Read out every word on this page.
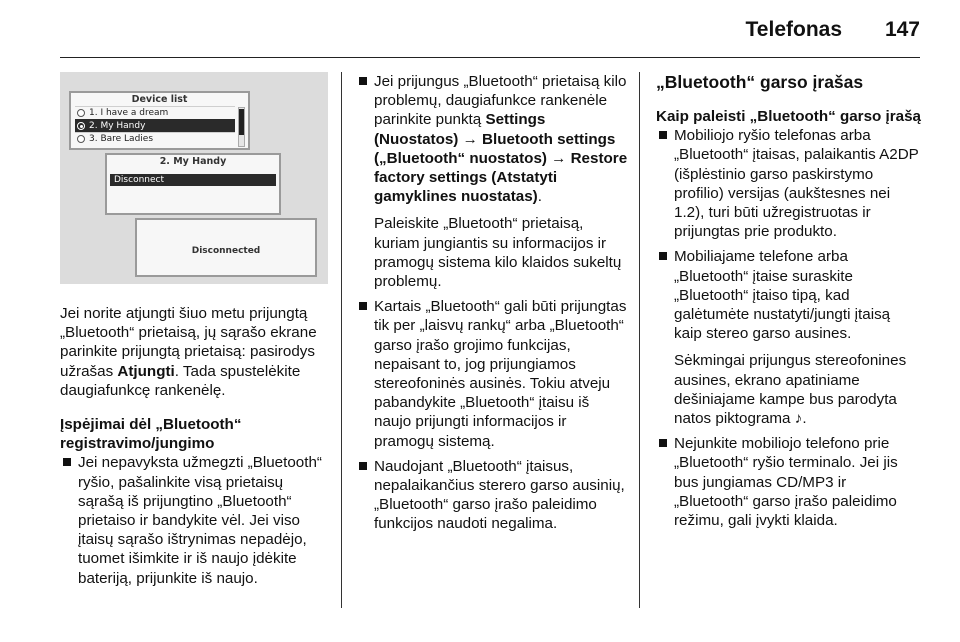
Telefonas 147
Device list
1. I have a dream
2. My Handy
3. Bare Ladies
2. My Handy
Disconnect
Disconnected

Jei norite atjungti šiuo metu prijungtą „Bluetooth“ prietaisą, jų sąrašo ekrane parinkite prijungtą prietaisą: pasirodys užrašas Atjungti. Tada spustelėkite daugiafunkcę rankenėlę.

Įspėjimai dėl „Bluetooth“ registravimo/jungimo
Jei nepavyksta užmegzti „Bluetooth“ ryšio, pašalinkite visą prietaisų sąrašą iš prijungtino „Bluetooth“ prietaiso ir bandykite vėl. Jei viso įtaisų sąrašo ištrynimas nepadėjo, tuomet išimkite ir iš naujo įdėkite bateriją, prijunkite iš naujo.

Jei prijungus „Bluetooth“ prietaisą kilo problemų, daugiafunkce rankenėle parinkite punktą Settings (Nuostatos) → Bluetooth settings („Bluetooth“ nuostatos) → Restore factory settings (Atstatyti gamyklines nuostatas).

Paleiskite „Bluetooth“ prietaisą, kuriam jungiantis su informacijos ir pramogų sistema kilo klaidos sukeltų problemų.

Kartais „Bluetooth“ gali būti prijungtas tik per „laisvų rankų“ arba „Bluetooth“ garso įrašo grojimo funkcijas, nepaisant to, jog prijungiamos stereofoninės ausinės. Tokiu atveju pabandykite „Bluetooth“ įtaisu iš naujo prijungti informacijos ir pramogų sistemą.
Naudojant „Bluetooth“ įtaisus, nepalaikančius sterero garso ausinių, „Bluetooth“ garso įrašo paleidimo funkcijos naudoti negalima.
„Bluetooth“ garso įrašas
Kaip paleisti „Bluetooth“ garso įrašą
Mobiliojo ryšio telefonas arba „Bluetooth“ įtaisas, palaikantis A2DP (išplėstinio garso paskirstymo profilio) versijas (aukštesnes nei 1.2), turi būti užregistruotas ir prijungtas prie produkto.

Mobiliajame telefone arba „Bluetooth“ įtaise suraskite „Bluetooth“ įtaiso tipą, kad galėtumėte nustatyti/jungti įtaisą kaip stereo garso ausines.

Sėkmingai prijungus stereofonines ausines, ekrano apatiniame dešiniajame kampe bus parodyta natos piktograma ♪.

Nejunkite mobiliojo telefono prie „Bluetooth“ ryšio terminalo. Jei jis bus jungiamas CD/MP3 ir „Bluetooth“ garso įrašo paleidimo režimu, gali įvykti klaida.
